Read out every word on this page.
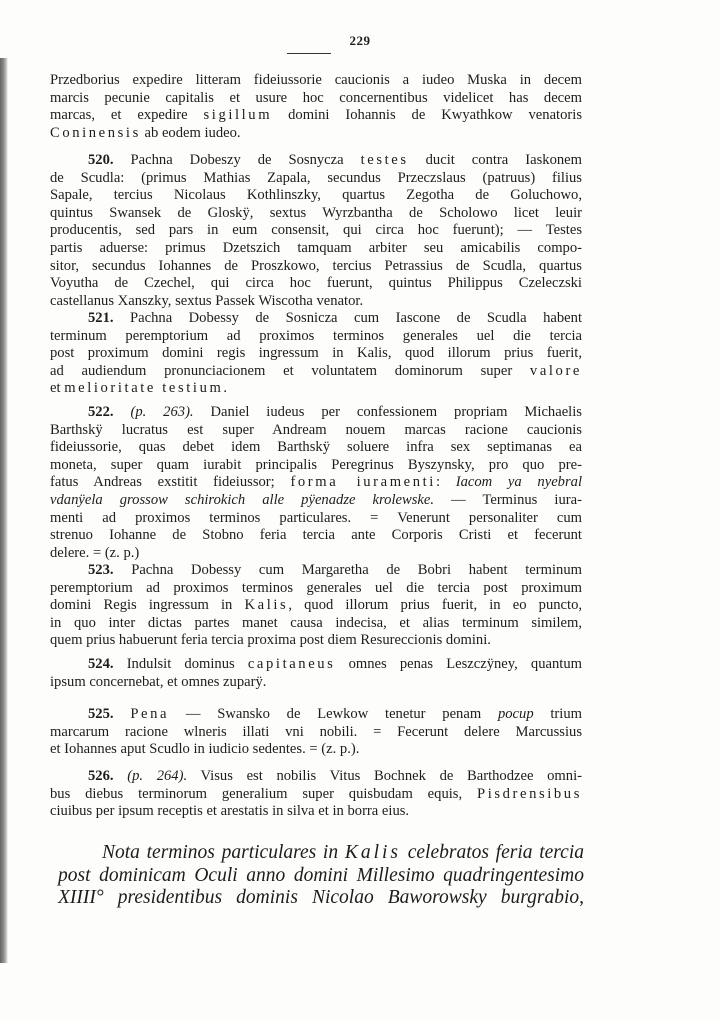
229
Przedborius expedire litteram fideiussorie caucionis a iudeo Muska in decem
marcis pecunie capitalis et usure hoc concernentibus videlicet has decem
marcas, et expedire sigillum domini Iohannis de Kwyathkow venatoris
Coninensis ab eodem iudeo.
520. Pachna Dobeszy de Sosnycza testes ducit contra Iaskonem
de Scudla: (primus Mathias Zapala, secundus Przeczslaus (patruus) filius
Sapale, tercius Nicolaus Kothlinszky, quartus Zegotha de Goluchowo,
quintus Swansek de Gloskÿ, sextus Wyrzbantha de Scholowo licet leuir
producentis, sed pars in eum consensit, qui circa hoc fuerunt); — Testes
partis aduerse: primus Dzetszich tamquam arbiter seu amicabilis compo-
sitor, secundus Iohannes de Proszkowo, tercius Petrassius de Scudla, quartus
Voyutha de Czechel, qui circa hoc fuerunt, quintus Philippus Czeleczski
castellanus Xanszky, sextus Passek Wiscotha venator.
521. Pachna Dobessy de Sosnicza cum Iascone de Scudla habent
terminum peremptorium ad proximos terminos generales uel die tercia
post proximum domini regis ingressum in Kalis, quod illorum prius fuerit,
ad audiendum pronunciacionem et voluntatem dominorum super valore
et melioritate testium.
522. (p. 263). Daniel iudeus per confessionem propriam Michaelis
Barthskÿ lucratus est super Andream nouem marcas racione caucionis
fideiussorie, quas debet idem Barthskÿ soluere infra sex septimanas ea
moneta, super quam iurabit principalis Peregrinus Byszynsky, pro quo pre-
fatus Andreas exstitit fideiussor; forma iuramenti: Iacom ya nyebral
vdanÿela grossow schirokich alle pÿenadze krolewske. — Terminus iura-
menti ad proximos terminos particulares. = Venerunt personaliter cum
strenuo Iohanne de Stobno feria tercia ante Corporis Cristi et fecerunt
delere. = (z. p.)
523. Pachna Dobessy cum Margaretha de Bobri habent terminum
peremptorium ad proximos terminos generales uel die tercia post proximum
domini Regis ingressum in Kalis, quod illorum prius fuerit, in eo puncto,
in quo inter dictas partes manet causa indecisa, et alias terminum similem,
quem prius habuerunt feria tercia proxima post diem Resureccionis domini.
524. Indulsit dominus capitaneus omnes penas Leszczÿney, quantum
ipsum concernebat, et omnes zuparÿ.
525. Pena — Swansko de Lewkow tenetur penam pocup trium
marcarum racione wlneris illati vni nobili. = Fecerunt delere Marcussius
et Iohannes aput Scudlo in iudicio sedentes. = (z. p.).
526. (p. 264). Visus est nobilis Vitus Bochnek de Barthodzee omni-
bus diebus terminorum generalium super quisbudam equis, Pisdrensibus
ciuibus per ipsum receptis et arestatis in silva et in borra eius.
Nota terminos particulares in Kalis celebratos feria tercia
post dominicam Oculi anno domini Millesimo quadringentesimo
XIIII° presidentibus dominis Nicolao Baworowsky burgrabio,
